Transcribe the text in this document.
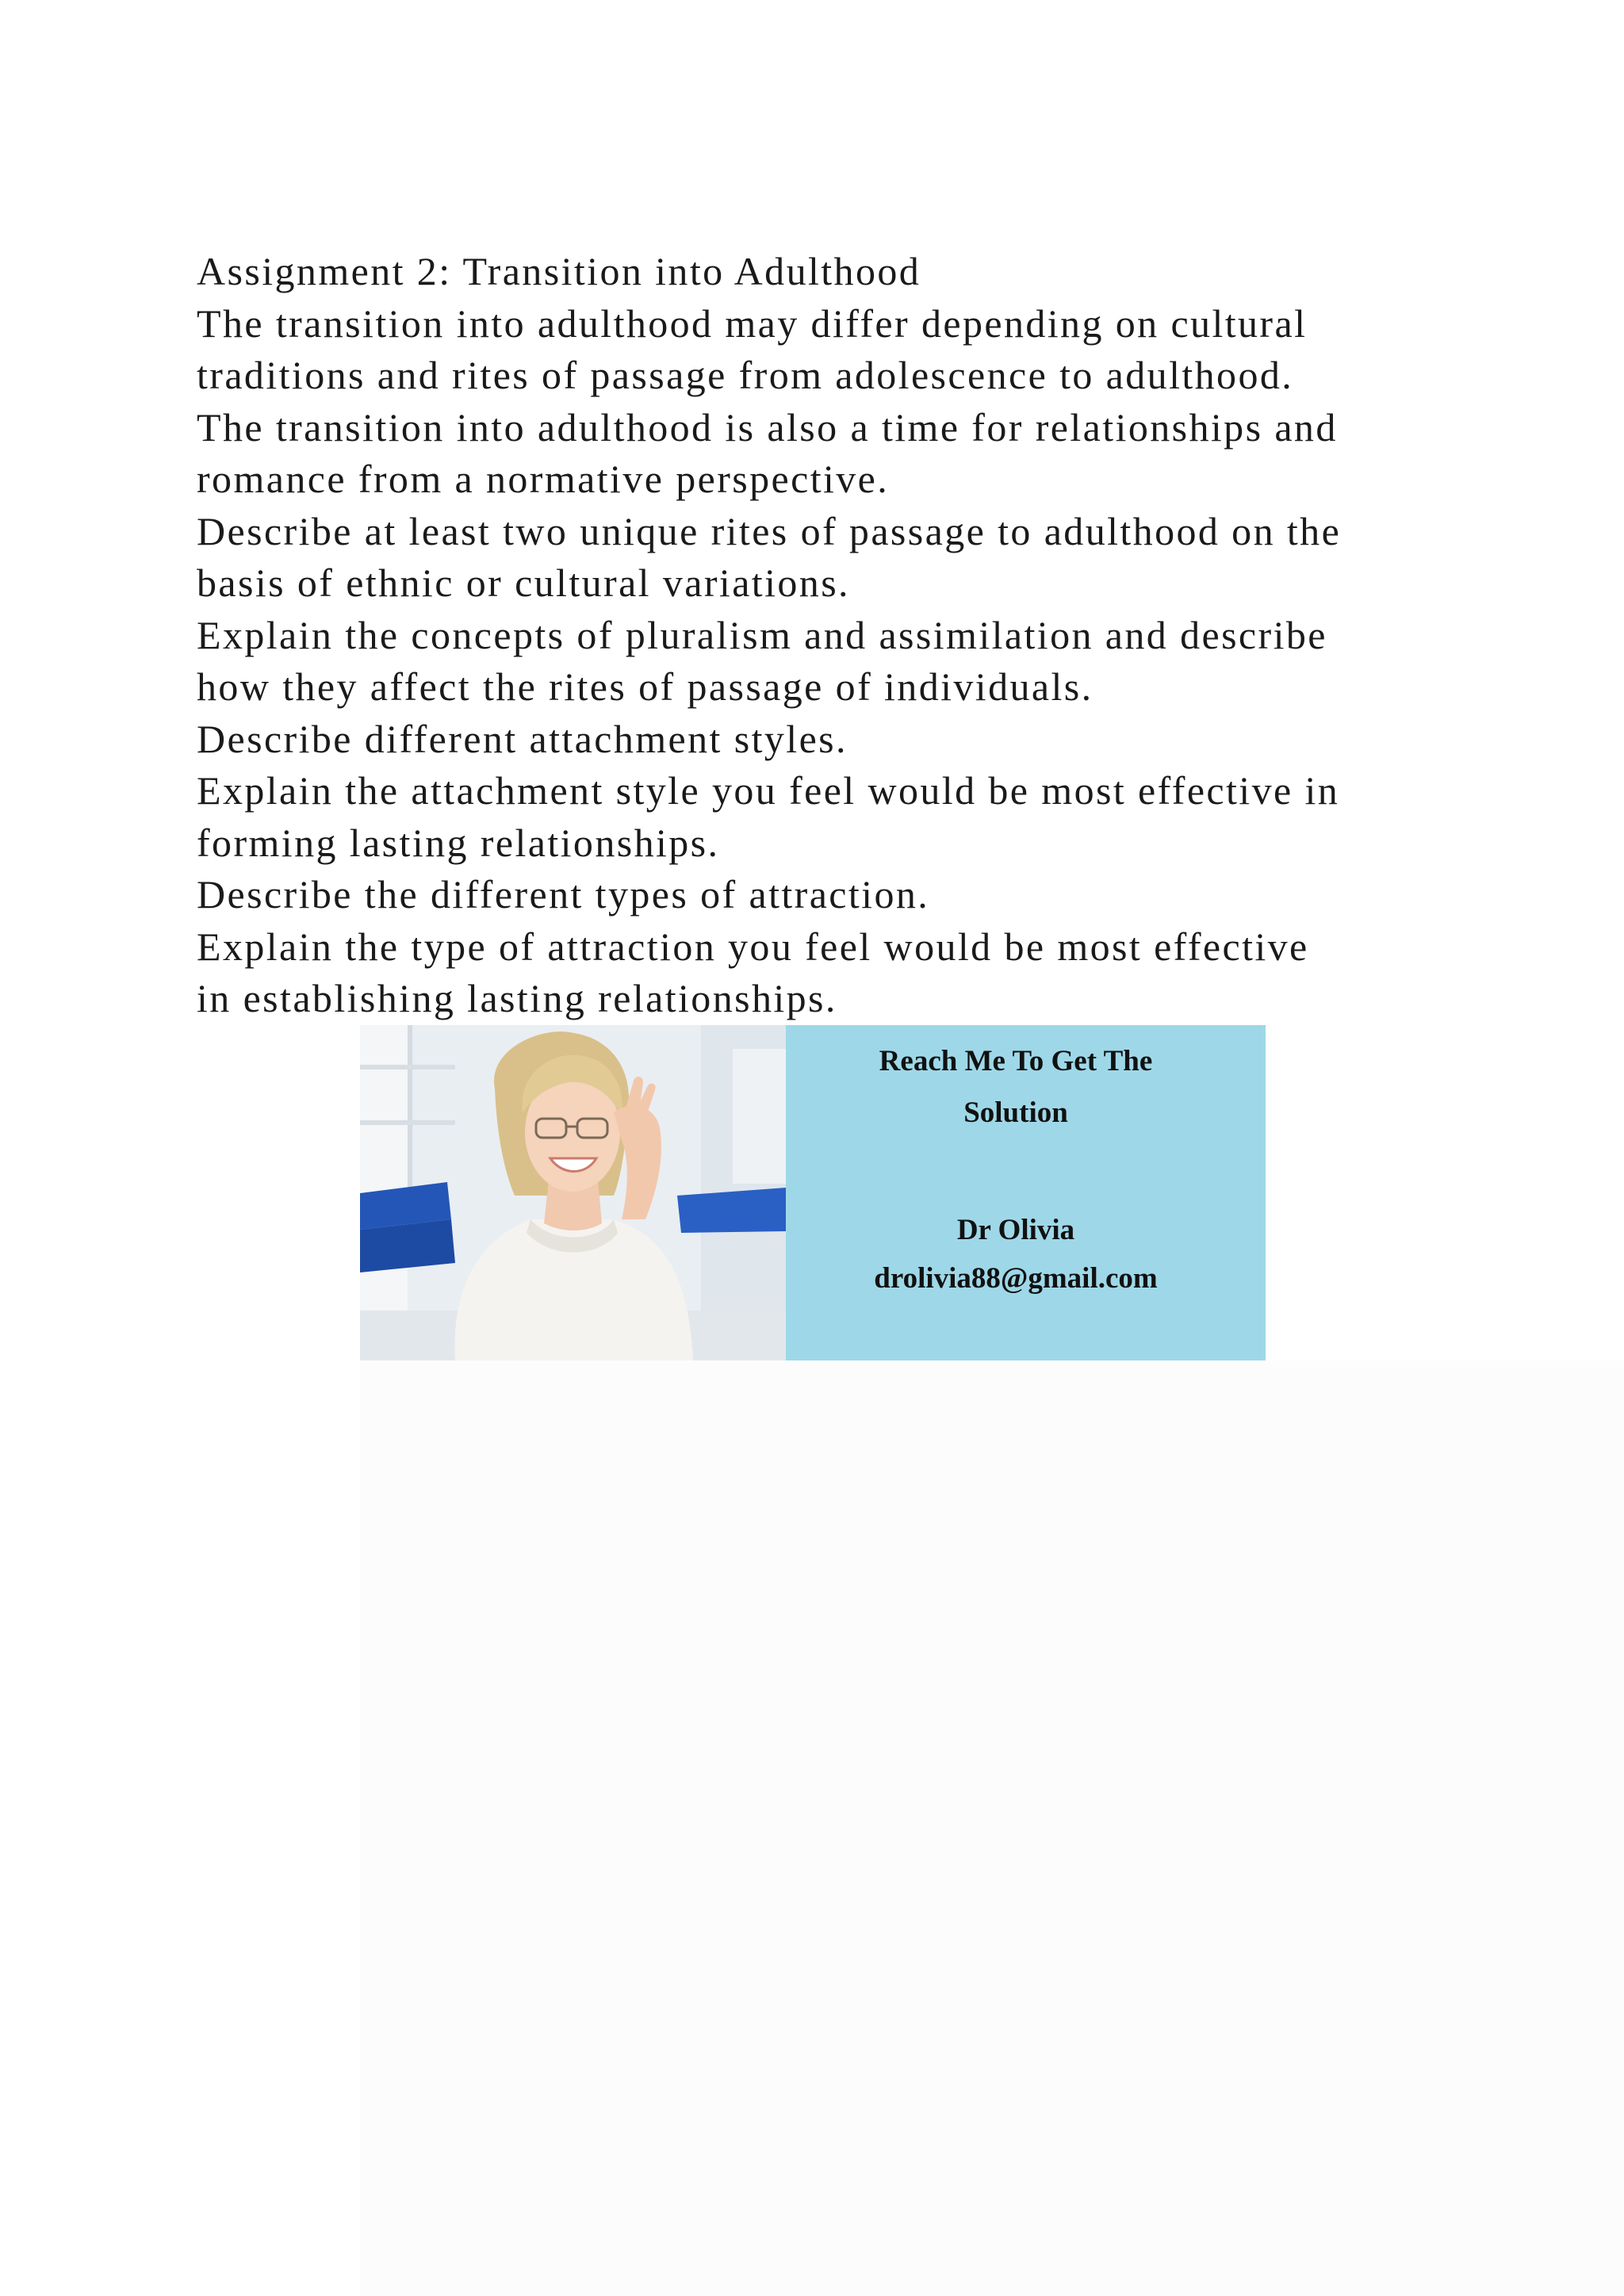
Assignment 2: Transition into Adulthood
The transition into adulthood may differ depending on cultural
traditions and rites of passage from adolescence to adulthood.
The transition into adulthood is also a time for relationships and
romance from a normative perspective.
Describe at least two unique rites of passage to adulthood on the
basis of ethnic or cultural variations.
Explain the concepts of pluralism and assimilation and describe
how they affect the rites of passage of individuals.
Describe different attachment styles.
Explain the attachment style you feel would be most effective in
forming lasting relationships.
Describe the different types of attraction.
Explain the type of attraction you feel would be most effective
in establishing lasting relationships.
Reach Me To Get The
Solution
Dr Olivia
drolivia88@gmail.com
